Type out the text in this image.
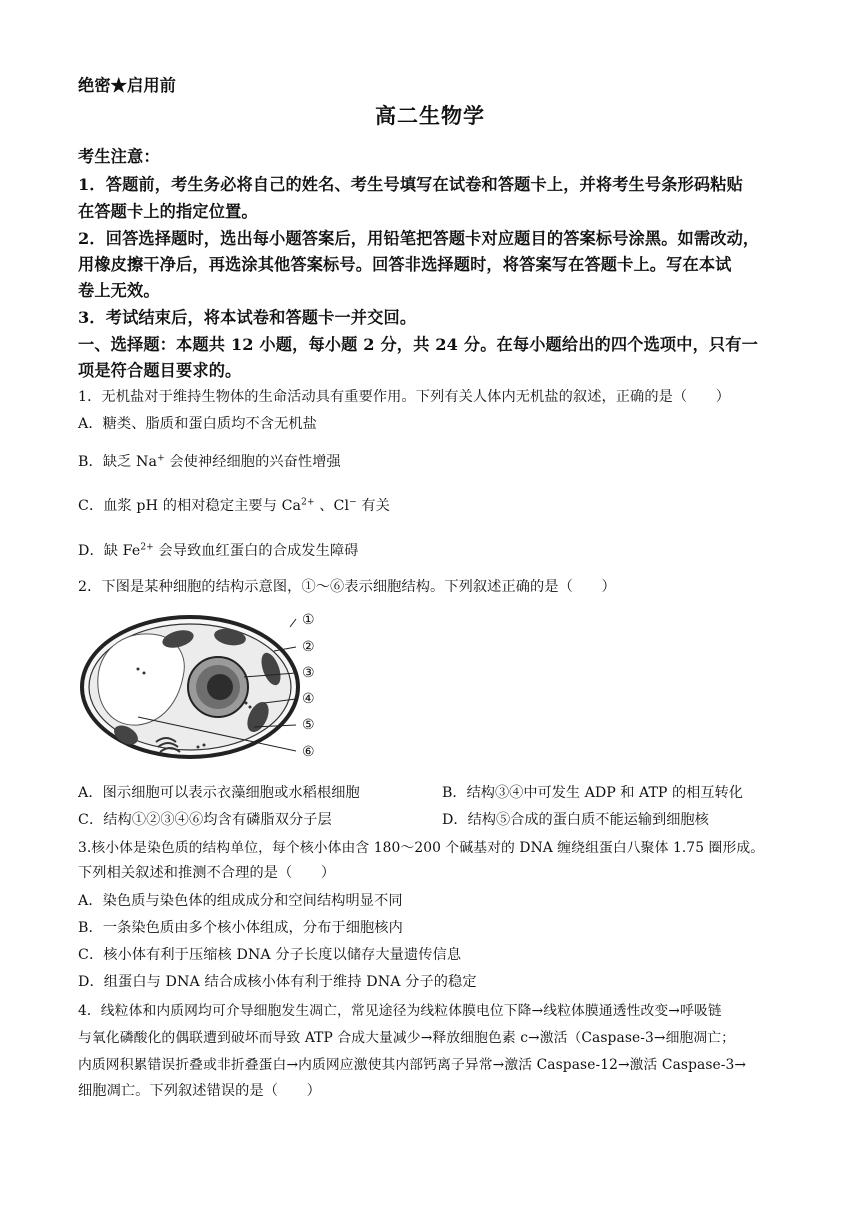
绝密★启用前
高二生物学
考生注意：
1．答题前，考生务必将自己的姓名、考生号填写在试卷和答题卡上，并将考生号条形码粘贴
在答题卡上的指定位置。
2．回答选择题时，选出每小题答案后，用铅笔把答题卡对应题目的答案标号涂黑。如需改动，
用橡皮擦干净后，再选涂其他答案标号。回答非选择题时，将答案写在答题卡上。写在本试
卷上无效。
3．考试结束后，将本试卷和答题卡一并交回。
一、选择题：本题共 12 小题，每小题 2 分，共 24 分。在每小题给出的四个选项中，只有一
项是符合题目要求的。
1．无机盐对于维持生物体的生命活动具有重要作用。下列有关人体内无机盐的叙述，正确的是（　　）
A．糖类、脂质和蛋白质均不含无机盐
B．缺乏 Na+ 会使神经细胞的兴奋性增强
C．血浆 pH 的相对稳定主要与 $Ca^{2+}$ 、Cl− 有关
D．缺 $Fe^{2+}$ 会导致血红蛋白的合成发生障碍
2．下图是某种细胞的结构示意图，①～⑥表示细胞结构。下列叙述正确的是（　　）
①
②
③
④
⑤
⑥
A．图示细胞可以表示衣藻细胞或水稻根细胞	B．结构③④中可发生 ADP 和 ATP 的相互转化
C．结构①②③④⑥均含有磷脂双分子层	D．结构⑤合成的蛋白质不能运输到细胞核
3.核小体是染色质的结构单位，每个核小体由含 180～200 个碱基对的 DNA 缠绕组蛋白八聚体 1.75 圈形成。
下列相关叙述和推测不合理的是（　　）
A．染色质与染色体的组成成分和空间结构明显不同
B．一条染色质由多个核小体组成，分布于细胞核内
C．核小体有利于压缩核 DNA 分子长度以储存大量遗传信息
D．组蛋白与 DNA 结合成核小体有利于维持 DNA 分子的稳定
4．线粒体和内质网均可介导细胞发生凋亡，常见途径为线粒体膜电位下降→线粒体膜通透性改变→呼吸链
与氧化磷酸化的偶联遭到破坏而导致 ATP 合成大量减少→释放细胞色素 c→激活（Caspase-3→细胞凋亡；
内质网积累错误折叠或非折叠蛋白→内质网应激使其内部钙离子异常→激活 Caspase-12→激活 Caspase-3→
细胞凋亡。下列叙述错误的是（　　）
